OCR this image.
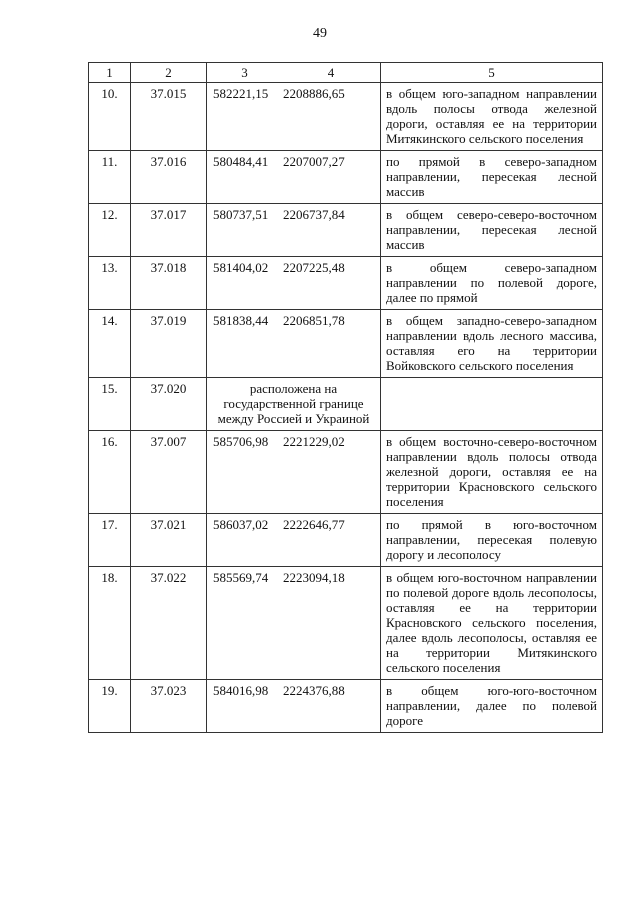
49
1	2	3 4	5
10.	37.015	582221,15 2208886,65	в общем юго-западном направлении вдоль полосы отвода железной дороги, оставляя ее на территории Митякинского сельского поселения
11.	37.016	580484,41 2207007,27	по прямой в северо-западном направлении, пересекая лесной массив
12.	37.017	580737,51 2206737,84	в общем северо-северо-восточном направлении, пересекая лесной массив
13.	37.018	581404,02 2207225,48	в общем северо-западном направлении по полевой дороге, далее по прямой
14.	37.019	581838,44 2206851,78	в общем западно-северо-западном направлении вдоль лесного массива, оставляя его на территории Войковского сельского поселения
15.	37.020	расположена на государственной границе между Россией и Украиной	
16.	37.007	585706,98 2221229,02	в общем восточно-северо-восточном направлении вдоль полосы отвода железной дороги, оставляя ее на территории Красновского сельского поселения
17.	37.021	586037,02 2222646,77	по прямой в юго-восточном направлении, пересекая полевую дорогу и лесополосу
18.	37.022	585569,74 2223094,18	в общем юго-восточном направлении по полевой дороге вдоль лесополосы, оставляя ее на территории Красновского сельского поселения, далее вдоль лесополосы, оставляя ее на территории Митякинского сельского поселения
19.	37.023	584016,98 2224376,88	в общем юго-юго-восточном направлении, далее по полевой дороге
